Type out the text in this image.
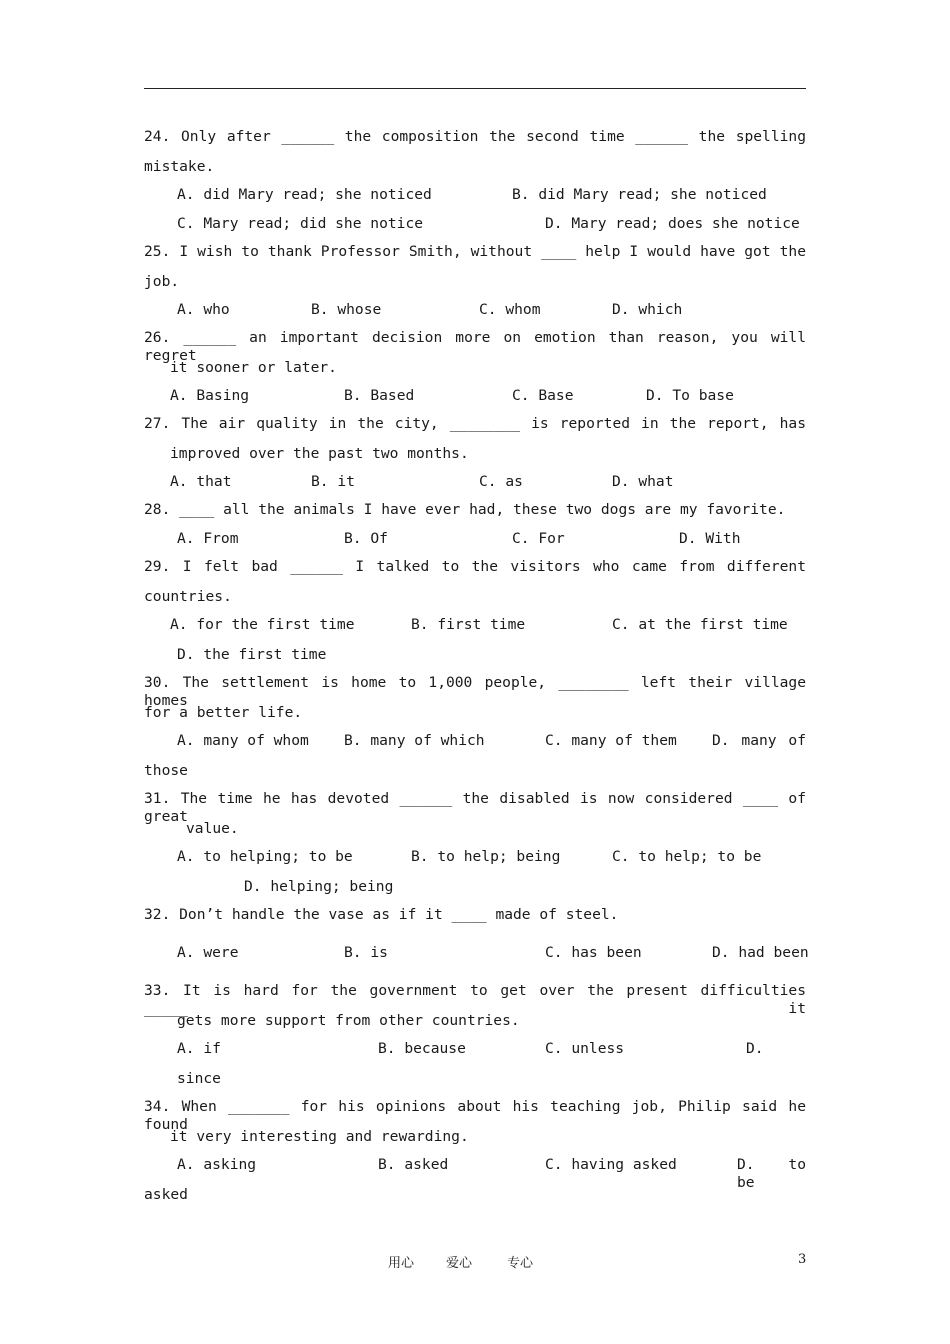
24. Only after ______ the composition the second time ______ the spelling
mistake.
A. did Mary read; she noticed	B. did Mary read; she noticed
C. Mary read; did she notice	D. Mary read; does she notice
25. I wish to thank Professor Smith, without ____ help I would have got the
job.
A. who	B. whose	C. whom	D. which
26. ______ an important decision more on emotion than reason, you will regret
it sooner or later.
A. Basing	B. Based	C. Base	D. To base
27. The air quality in the city, ________ is reported in the report, has
improved over the past two months.
A. that	B. it	C. as	D. what
28. ____ all the animals I have ever had, these two dogs are my favorite.
A. From	B. Of	C. For	D. With
29. I felt bad ______ I talked to the visitors who came from different
countries.
A. for the first time	B. first time	C. at the first time
D. the first time
30. The settlement is home to 1,000 people, ________ left their village homes
for a better life.
A. many of whom B. many of which	C. many of them D. many of
those
31. The time he has devoted ______ the disabled is now considered ____ of great
value.
A. to helping; to be	B. to help; being	C. to help; to be
D. helping; being
32. Don’t handle the vase as if it ____ made of steel.
A. were	B. is	C. has been	D. had been
33. It is hard for the government to get over the present difficulties _____ it
gets more support from other countries.
A. if	B. because	C. unless	D.
since
34. When _______ for his opinions about his teaching job, Philip said he found
it very interesting and rewarding.
A. asking	B. asked	C. having asked	D. to be
asked
用心 爱心	专心	3
